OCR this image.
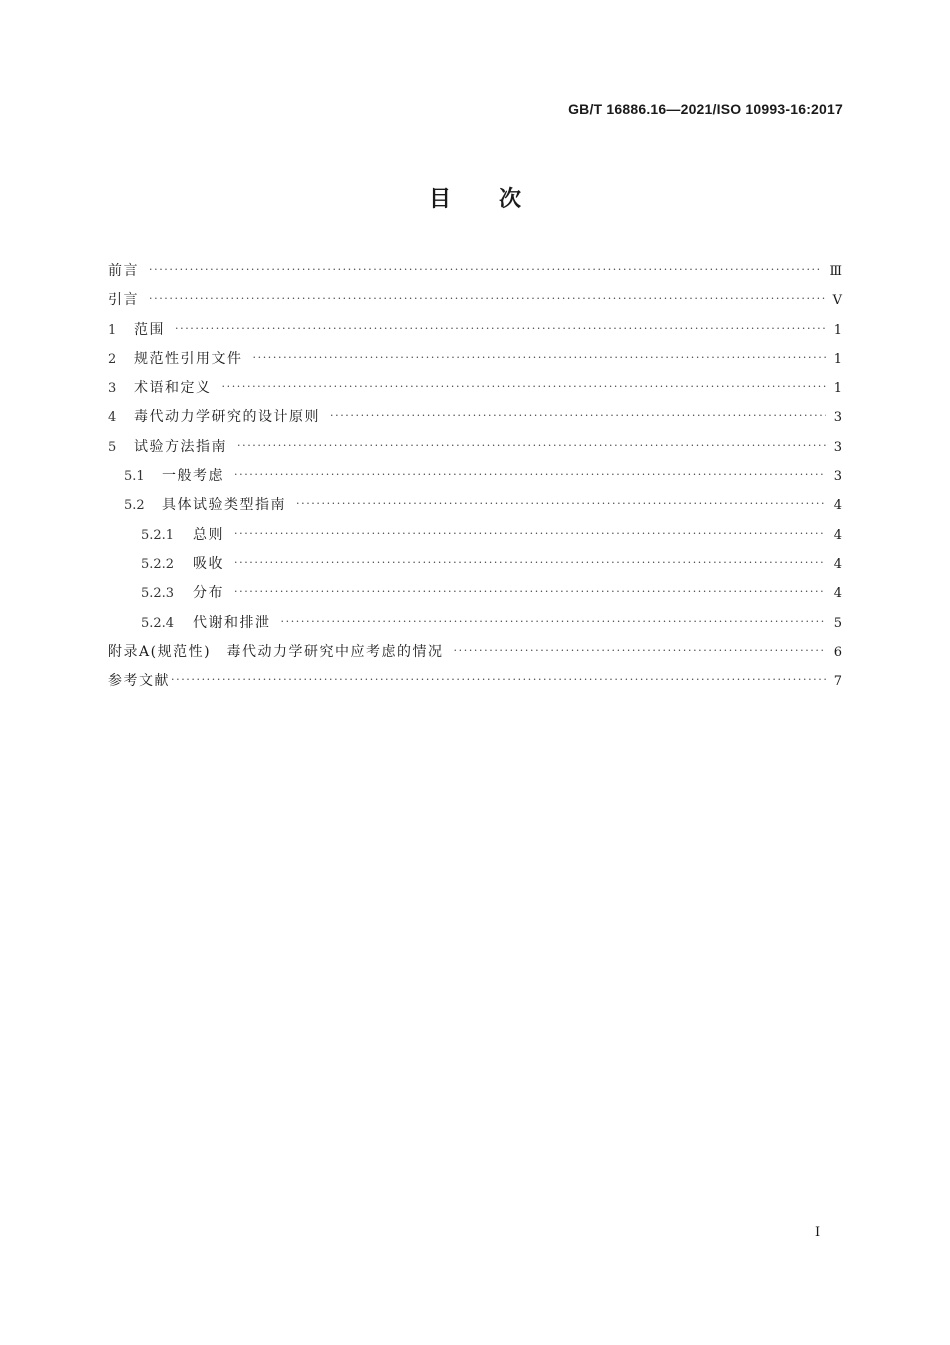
GB/T 16886.16—2021/ISO 10993-16:2017
目次
前言 ·····	Ⅲ
引言 ·····	Ⅴ
1	范围 ·····	1
2	规范性引用文件 ·····	1
3	术语和定义 ·····	1
4	毒代动力学研究的设计原则 ·····	3
5	试验方法指南 ·····	3
5.1	一般考虑 ·····	3
5.2	具体试验类型指南 ·····	4
5.2.1	总则 ·····	4
5.2.2	吸收 ·····	4
5.2.3	分布 ·····	4
5.2.4	代谢和排泄 ·····	5
附录A(规范性)　毒代动力学研究中应考虑的情况 ·····	6
参考文献 ·····	7
Ⅰ
